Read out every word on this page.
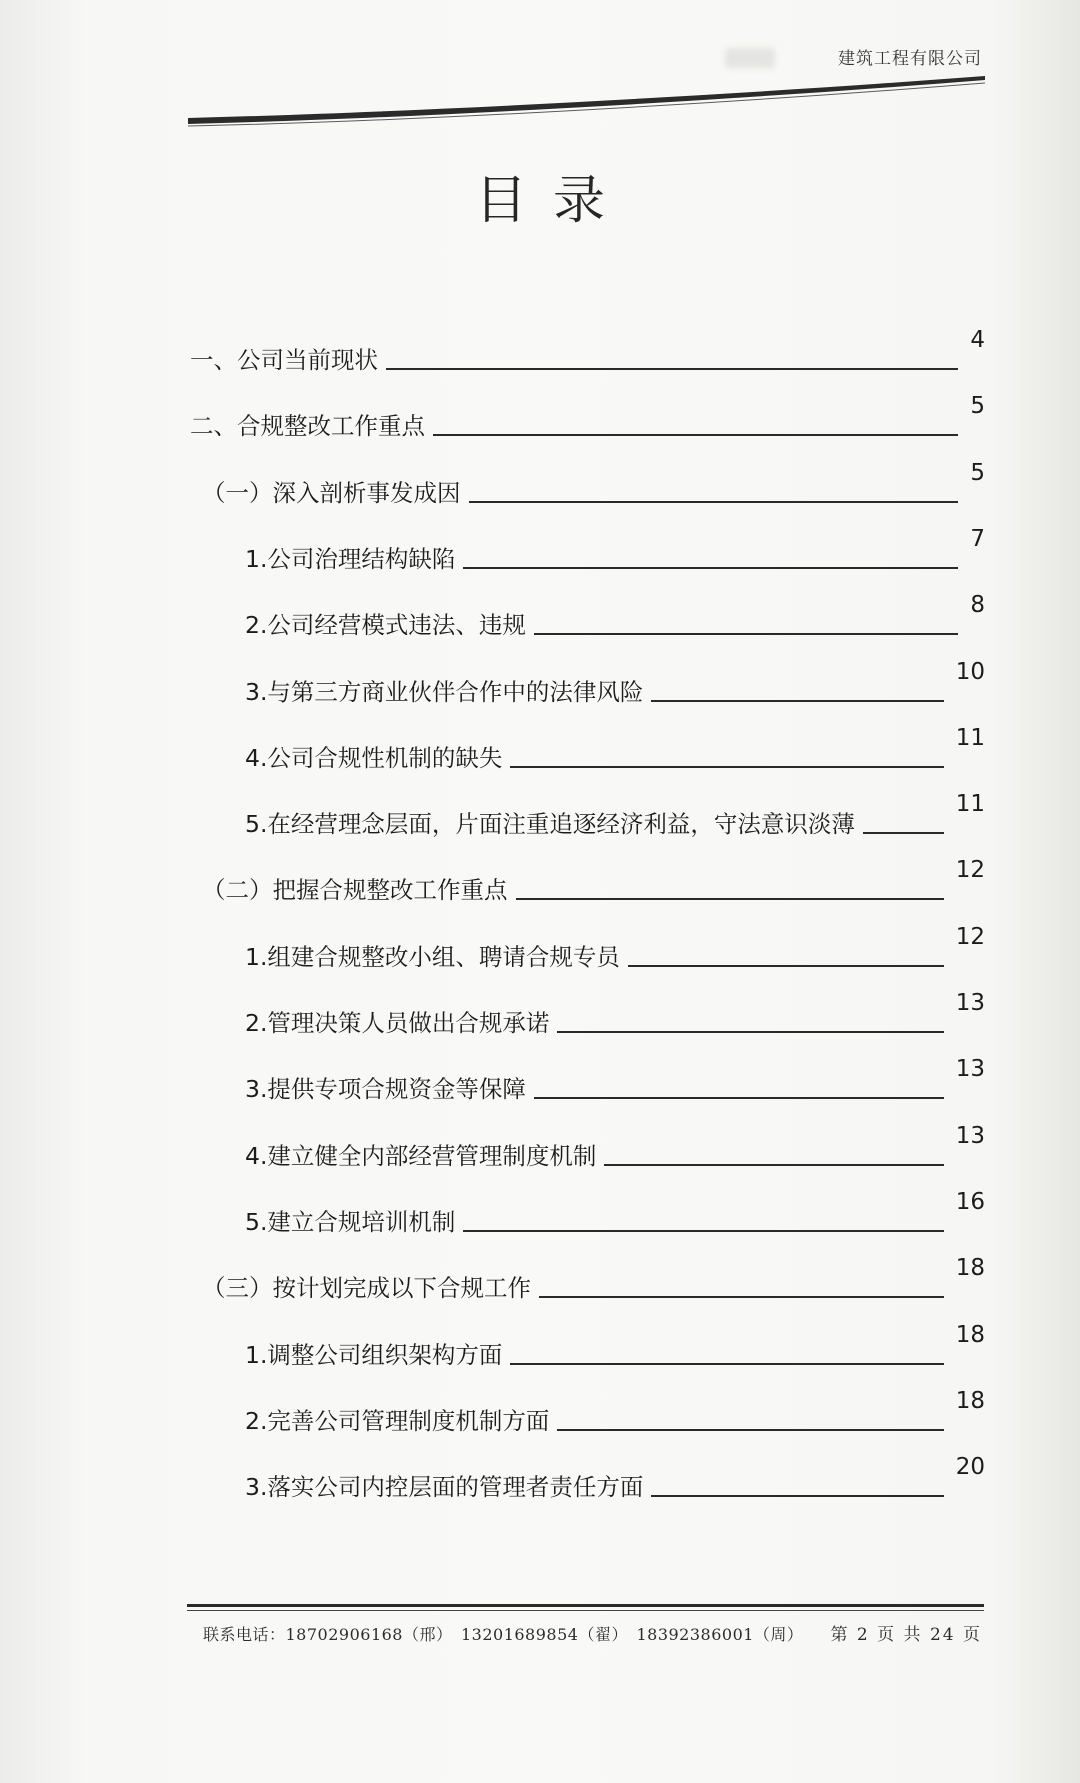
建筑工程有限公司
目录
一、公司当前现状
4
二、合规整改工作重点
5
（一）深入剖析事发成因
5
1.公司治理结构缺陷
7
2.公司经营模式违法、违规
8
3.与第三方商业伙伴合作中的法律风险
10
4.公司合规性机制的缺失
11
5.在经营理念层面，片面注重追逐经济利益，守法意识淡薄
11
（二）把握合规整改工作重点
12
1.组建合规整改小组、聘请合规专员
12
2.管理决策人员做出合规承诺
13
3.提供专项合规资金等保障
13
4.建立健全内部经营管理制度机制
13
5.建立合规培训机制
16
（三）按计划完成以下合规工作
18
1.调整公司组织架构方面
18
2.完善公司管理制度机制方面
18
3.落实公司内控层面的管理者责任方面
20
联系电话：18702906168（邢）　13201689854（翟）　18392386001（周） 第 2 页 共 24 页
